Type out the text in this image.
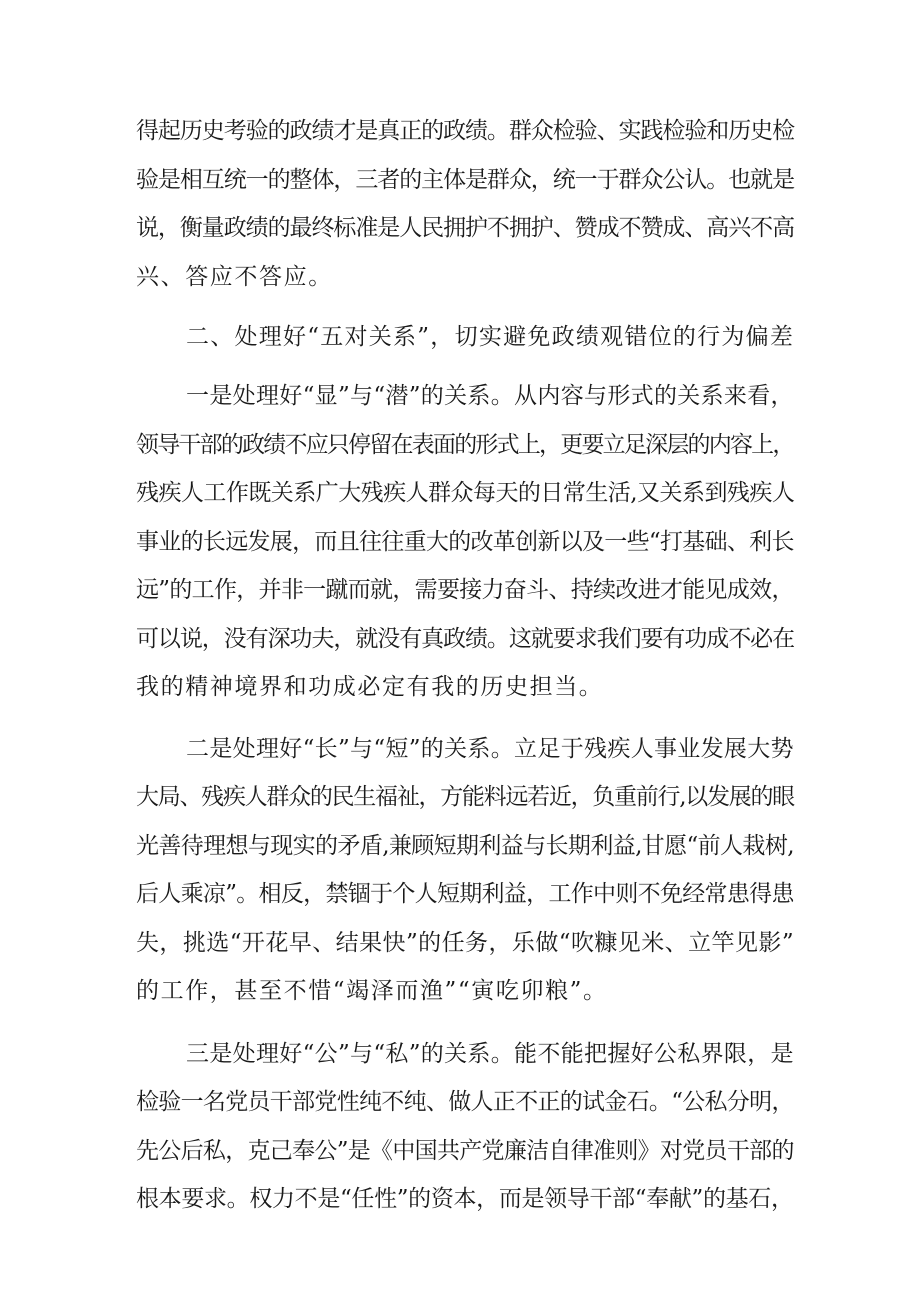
得起历史考验的政绩才是真正的政绩。群众检验、实践检验和历史检
验是相互统一的整体，三者的主体是群众，统一于群众公认。也就是
说，衡量政绩的最终标准是人民拥护不拥护、赞成不赞成、高兴不高
兴、答应不答应。
二、处理好“五对关系”，切实避免政绩观错位的行为偏差
一是处理好“显”与“潜”的关系。从内容与形式的关系来看，
领导干部的政绩不应只停留在表面的形式上，更要立足深层的内容上，
残疾人工作既关系广大残疾人群众每天的日常生活,又关系到残疾人
事业的长远发展，而且往往重大的改革创新以及一些“打基础、利长
远”的工作，并非一蹴而就，需要接力奋斗、持续改进才能见成效，
可以说，没有深功夫，就没有真政绩。这就要求我们要有功成不必在
我的精神境界和功成必定有我的历史担当。
二是处理好“长”与“短”的关系。立足于残疾人事业发展大势
大局、残疾人群众的民生福祉，方能料远若近，负重前行,以发展的眼
光善待理想与现实的矛盾,兼顾短期利益与长期利益,甘愿“前人栽树,
后人乘凉”。相反，禁锢于个人短期利益，工作中则不免经常患得患
失，挑选“开花早、结果快”的任务，乐做“吹糠见米、立竿见影”
的工作，甚至不惜“竭泽而渔”“寅吃卯粮”。
三是处理好“公”与“私”的关系。能不能把握好公私界限，是
检验一名党员干部党性纯不纯、做人正不正的试金石。“公私分明，
先公后私，克己奉公”是《中国共产党廉洁自律准则》对党员干部的
根本要求。权力不是“任性”的资本，而是领导干部“奉献”的基石，
